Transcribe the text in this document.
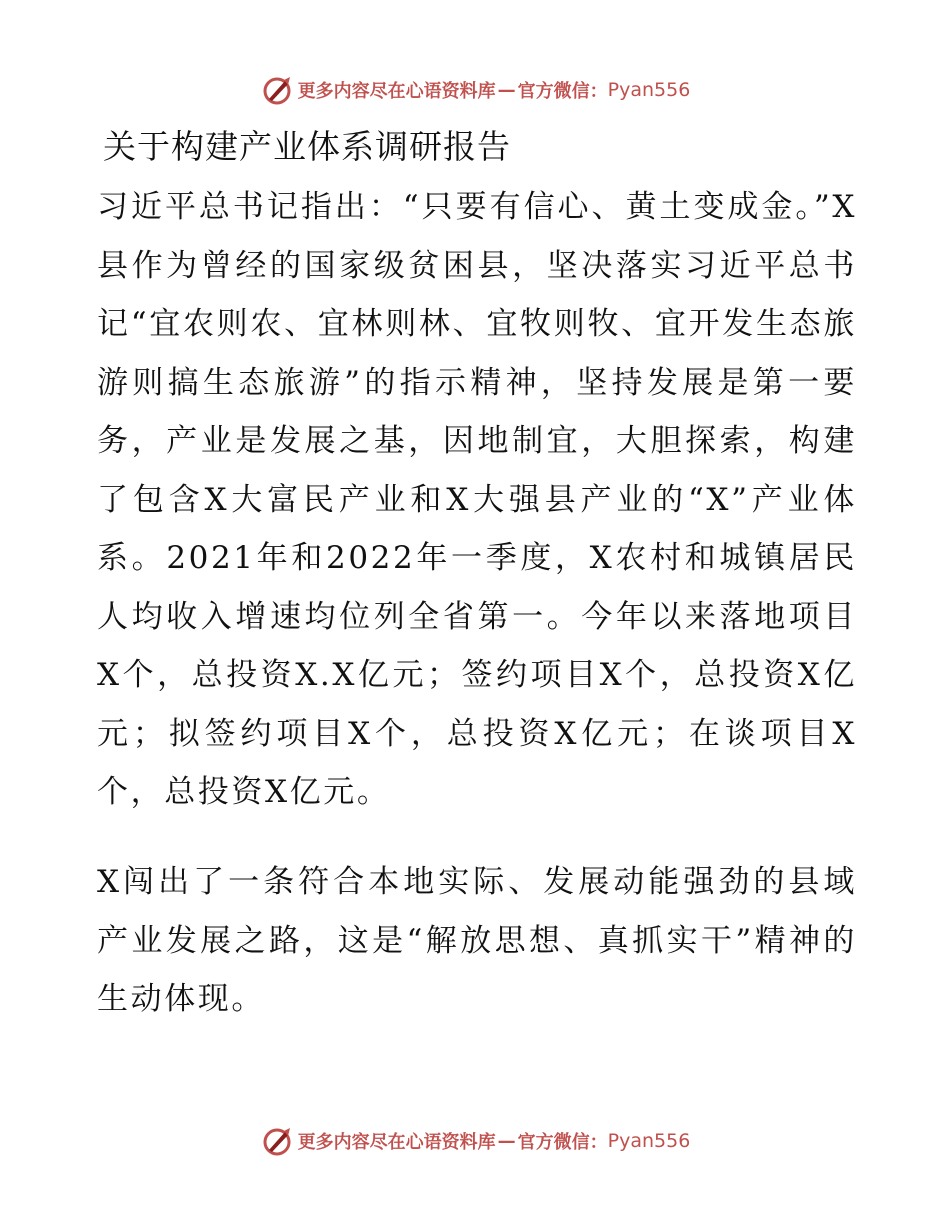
更多内容尽在心语资料库 — 官方微信： Pyan556
关于构建产业体系调研报告

习近平总书记指出：“只要有信心、黄土变成金。”X县作为曾经的国家级贫困县，坚决落实习近平总书记“宜农则农、宜林则林、宜牧则牧、宜开发生态旅游则搞生态旅游”的指示精神，坚持发展是第一要务，产业是发展之基，因地制宜，大胆探索，构建了包含X大富民产业和X大强县产业的“X”产业体系。2021年和2022年一季度，X农村和城镇居民人均收入增速均位列全省第一。今年以来落地项目X个，总投资X.X亿元；签约项目X个，总投资X亿元；拟签约项目X个，总投资X亿元；在谈项目X个，总投资X亿元。

X闯出了一条符合本地实际、发展动能强劲的县域产业发展之路，这是“解放思想、真抓实干”精神的生动体现。

更多内容尽在心语资料库 — 官方微信： Pyan556
